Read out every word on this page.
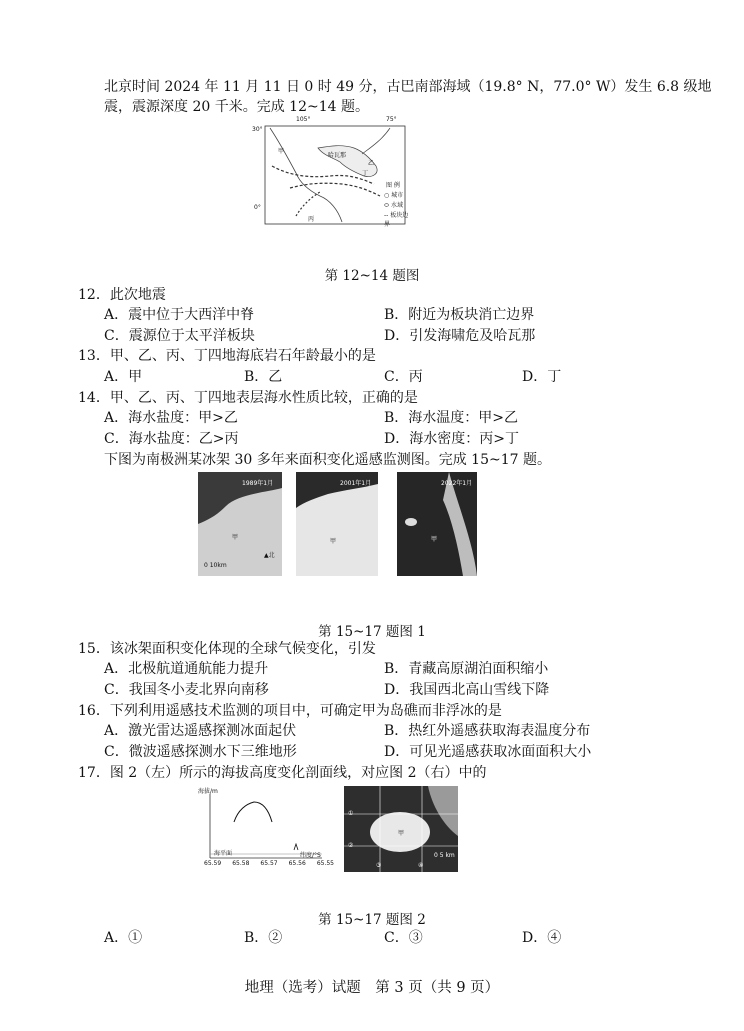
北京时间 2024 年 11 月 11 日 0 时 49 分，古巴南部海域（19.8° N，77.0° W）发生 6.8 级地
震，震源深度 20 千米。完成 12~14 题。
105°	75°
30°
0°
甲
哈瓦那
乙
丙
丁
图 例
○ 城市
⬭ 水域
-- 板块边界
第 12~14 题图
12．此次地震
A．震中位于大西洋中脊	B．附近为板块消亡边界
C．震源位于太平洋板块	D．引发海啸危及哈瓦那
13．甲、乙、丙、丁四地海底岩石年龄最小的是
A．甲	B．乙	C．丙	D．丁
14．甲、乙、丙、丁四地表层海水性质比较，正确的是
A．海水盐度：甲>乙	B．海水温度：甲>乙
C．海水盐度：乙>丙	D．海水密度：丙>丁
下图为南极洲某冰架 30 多年来面积变化遥感监测图。完成 15~17 题。
1989年1月
甲
0 10km
▲北
2001年1月
甲
2022年1月
甲
第 15~17 题图 1
15．该冰架面积变化体现的全球气候变化，引发
A．北极航道通航能力提升	B．青藏高原湖泊面积缩小
C．我国冬小麦北界向南移	D．我国西北高山雪线下降
16．下列利用遥感技术监测的项目中，可确定甲为岛礁而非浮冰的是
A．激光雷达遥感探测冰面起伏	B．热红外遥感获取海表温度分布
C．微波遥感探测水下三维地形	D．可见光遥感获取冰面面积大小
17．图 2（左）所示的海拔高度变化剖面线，对应图 2（右）中的
海拔/m
海平面
65.59 65.58 65.57 65.56 65.55
纬度/°S
甲
①
②
③	④
0 5 km
第 15~17 题图 2
A．①	B．②	C．③	D．④
地理（选考）试题　第 3 页（共 9 页）
